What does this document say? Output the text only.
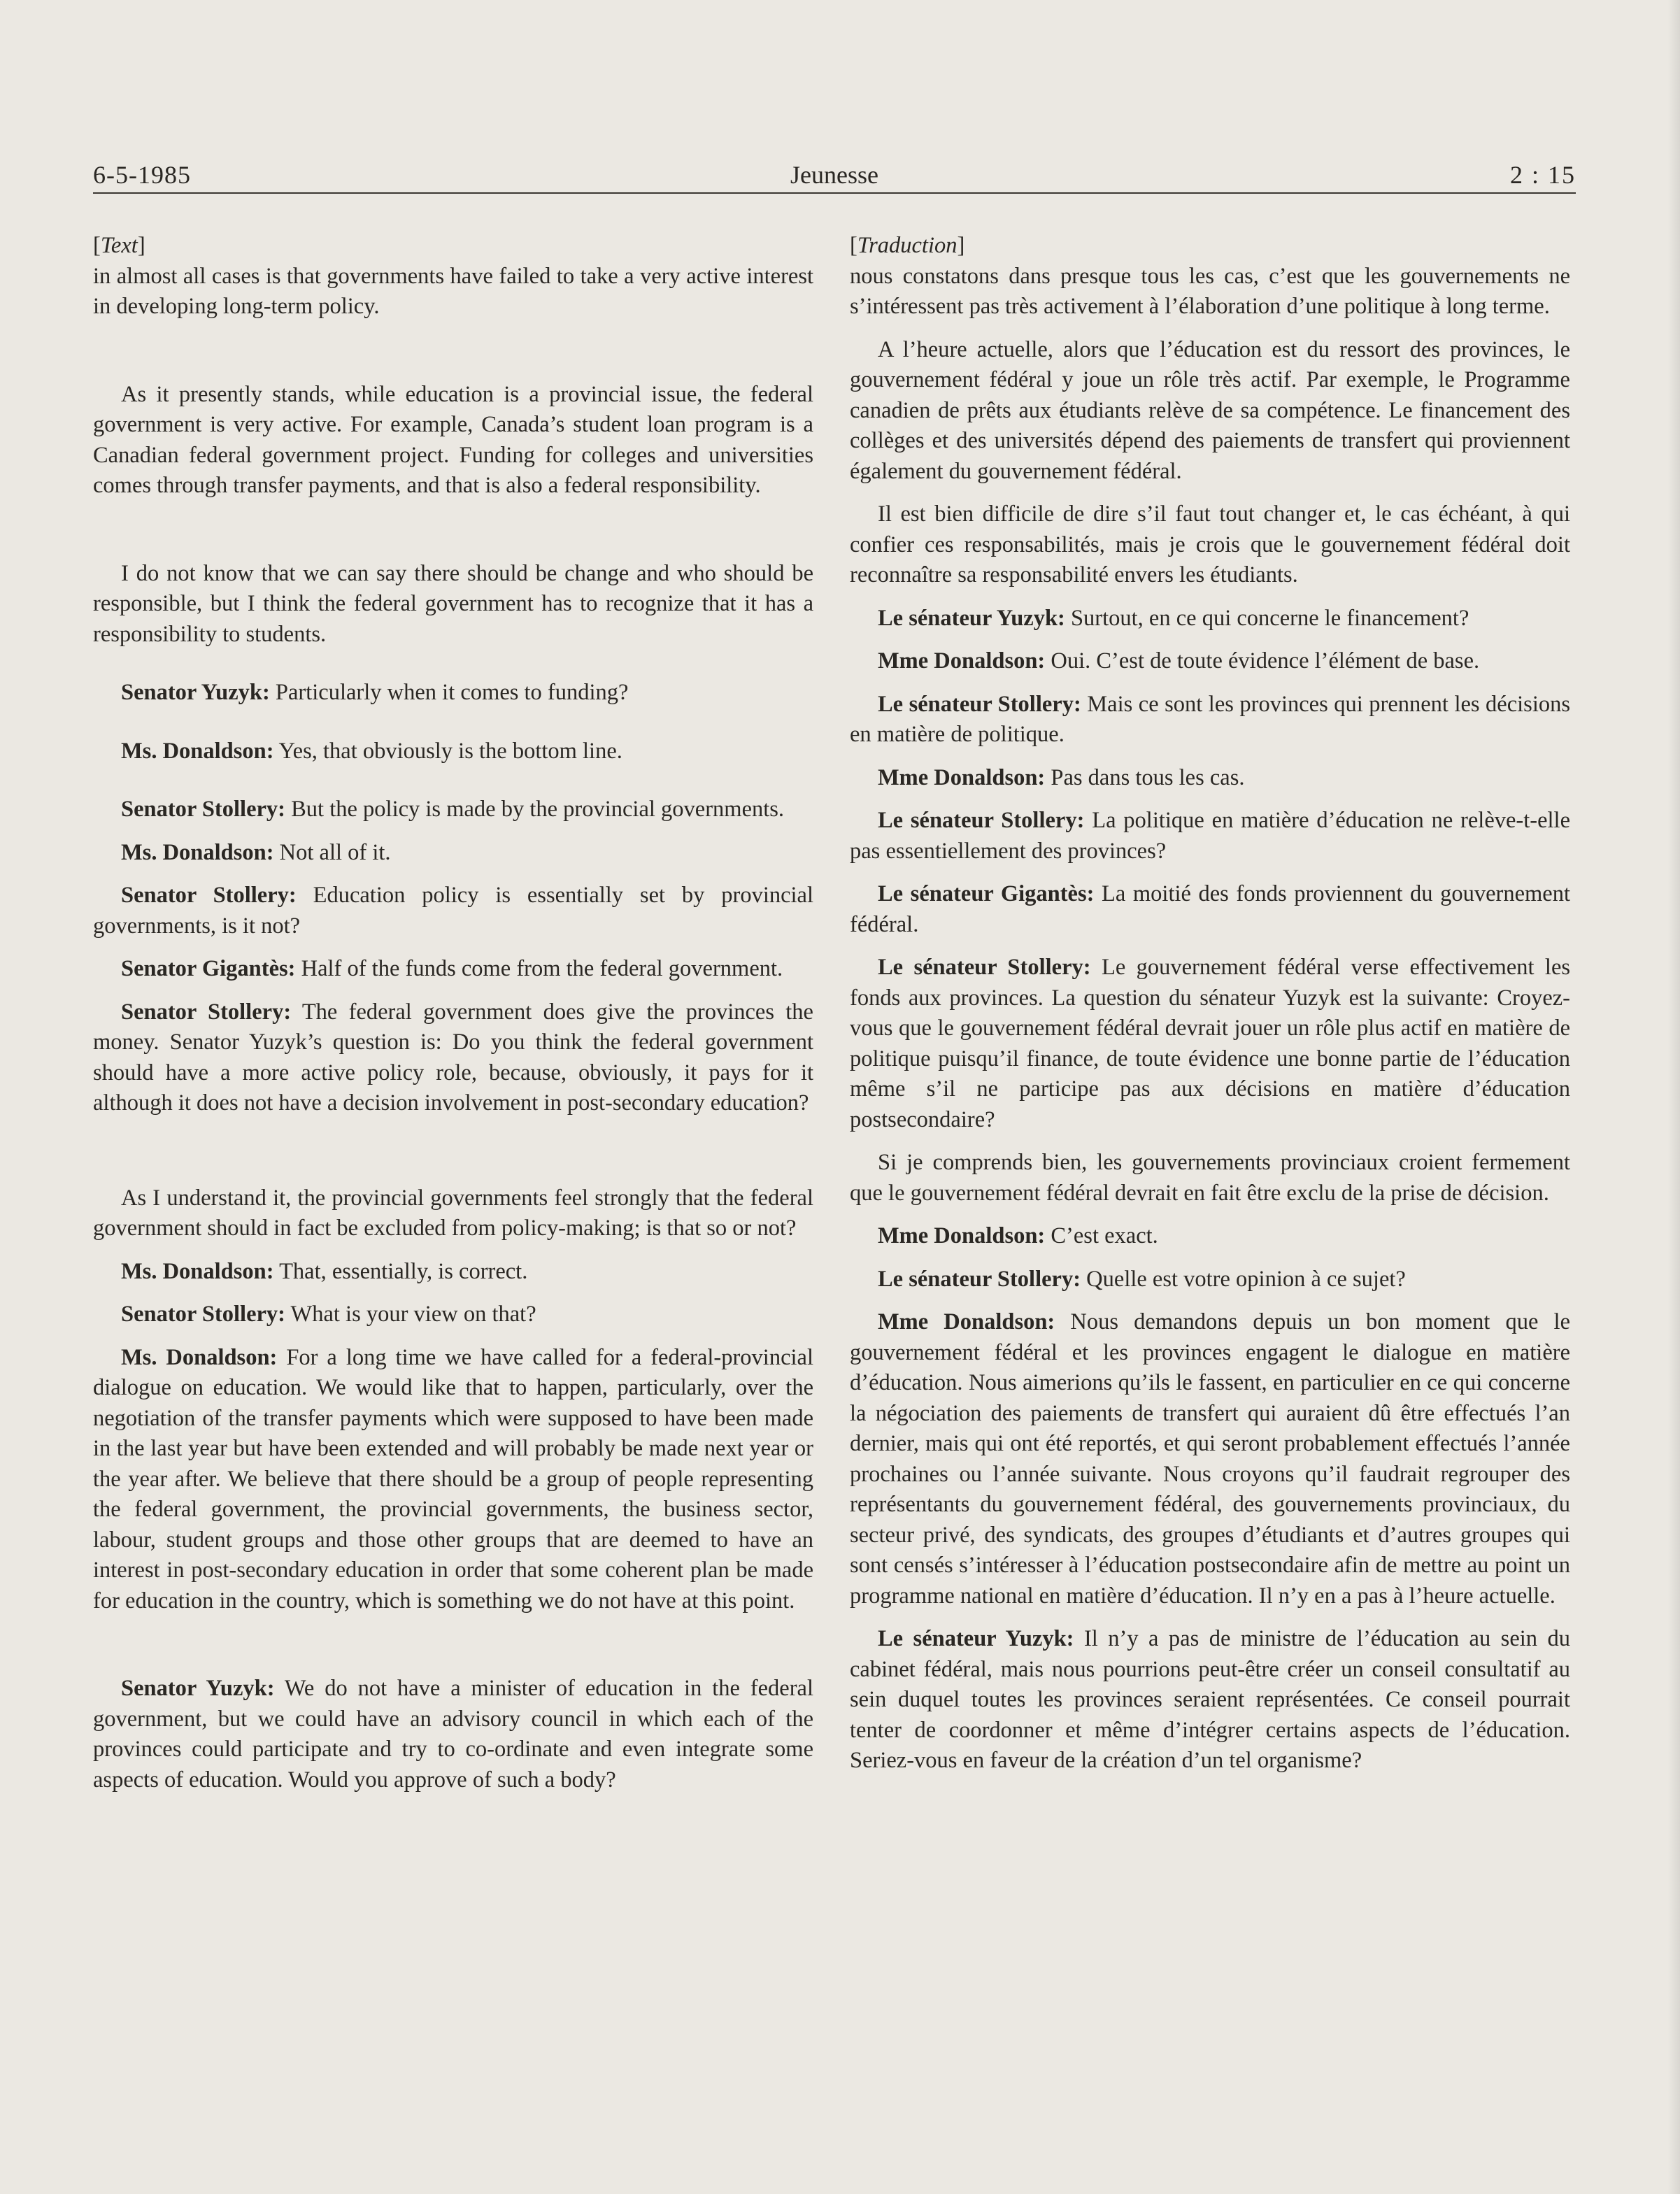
6-5-1985	Jeunesse	2 : 15

[Text]

in almost all cases is that governments have failed to take a very active interest in developing long-term policy.

As it presently stands, while education is a provincial issue, the federal government is very active. For example, Canada’s student loan program is a Canadian federal government project. Funding for colleges and universities comes through transfer payments, and that is also a federal responsibility.

I do not know that we can say there should be change and who should be responsible, but I think the federal government has to recognize that it has a responsibility to students.

Senator Yuzyk: Particularly when it comes to funding?

Ms. Donaldson: Yes, that obviously is the bottom line.

Senator Stollery: But the policy is made by the provincial governments.

Ms. Donaldson: Not all of it.

Senator Stollery: Education policy is essentially set by provincial governments, is it not?

Senator Gigantès: Half of the funds come from the federal government.

Senator Stollery: The federal government does give the provinces the money. Senator Yuzyk’s question is: Do you think the federal government should have a more active policy role, because, obviously, it pays for it although it does not have a decision involvement in post-secondary education?

As I understand it, the provincial governments feel strongly that the federal government should in fact be excluded from policy-making; is that so or not?

Ms. Donaldson: That, essentially, is correct.

Senator Stollery: What is your view on that?

Ms. Donaldson: For a long time we have called for a federal-provincial dialogue on education. We would like that to happen, particularly, over the negotiation of the transfer payments which were supposed to have been made in the last year but have been extended and will probably be made next year or the year after. We believe that there should be a group of people representing the federal government, the provincial governments, the business sector, labour, student groups and those other groups that are deemed to have an interest in post-secondary education in order that some coherent plan be made for education in the country, which is something we do not have at this point.

Senator Yuzyk: We do not have a minister of education in the federal government, but we could have an advisory council in which each of the provinces could participate and try to co-ordinate and even integrate some aspects of education. Would you approve of such a body?

[Traduction]

nous constatons dans presque tous les cas, c’est que les gouvernements ne s’intéressent pas très activement à l’élaboration d’une politique à long terme.

A l’heure actuelle, alors que l’éducation est du ressort des provinces, le gouvernement fédéral y joue un rôle très actif. Par exemple, le Programme canadien de prêts aux étudiants relève de sa compétence. Le financement des collèges et des universités dépend des paiements de transfert qui proviennent également du gouvernement fédéral.

Il est bien difficile de dire s’il faut tout changer et, le cas échéant, à qui confier ces responsabilités, mais je crois que le gouvernement fédéral doit reconnaître sa responsabilité envers les étudiants.

Le sénateur Yuzyk: Surtout, en ce qui concerne le financement?

Mme Donaldson: Oui. C’est de toute évidence l’élément de base.

Le sénateur Stollery: Mais ce sont les provinces qui prennent les décisions en matière de politique.

Mme Donaldson: Pas dans tous les cas.

Le sénateur Stollery: La politique en matière d’éducation ne relève-t-elle pas essentiellement des provinces?

Le sénateur Gigantès: La moitié des fonds proviennent du gouvernement fédéral.

Le sénateur Stollery: Le gouvernement fédéral verse effectivement les fonds aux provinces. La question du sénateur Yuzyk est la suivante: Croyez-vous que le gouvernement fédéral devrait jouer un rôle plus actif en matière de politique puisqu’il finance, de toute évidence une bonne partie de l’éducation même s’il ne participe pas aux décisions en matière d’éducation postsecondaire?

Si je comprends bien, les gouvernements provinciaux croient fermement que le gouvernement fédéral devrait en fait être exclu de la prise de décision.

Mme Donaldson: C’est exact.

Le sénateur Stollery: Quelle est votre opinion à ce sujet?

Mme Donaldson: Nous demandons depuis un bon moment que le gouvernement fédéral et les provinces engagent le dialogue en matière d’éducation. Nous aimerions qu’ils le fassent, en particulier en ce qui concerne la négociation des paiements de transfert qui auraient dû être effectués l’an dernier, mais qui ont été reportés, et qui seront probablement effectués l’année prochaines ou l’année suivante. Nous croyons qu’il faudrait regrouper des représentants du gouvernement fédéral, des gouvernements provinciaux, du secteur privé, des syndicats, des groupes d’étudiants et d’autres groupes qui sont censés s’intéresser à l’éducation postsecondaire afin de mettre au point un programme national en matière d’éducation. Il n’y en a pas à l’heure actuelle.

Le sénateur Yuzyk: Il n’y a pas de ministre de l’éducation au sein du cabinet fédéral, mais nous pourrions peut-être créer un conseil consultatif au sein duquel toutes les provinces seraient représentées. Ce conseil pourrait tenter de coordonner et même d’intégrer certains aspects de l’éducation. Seriez-vous en faveur de la création d’un tel organisme?
